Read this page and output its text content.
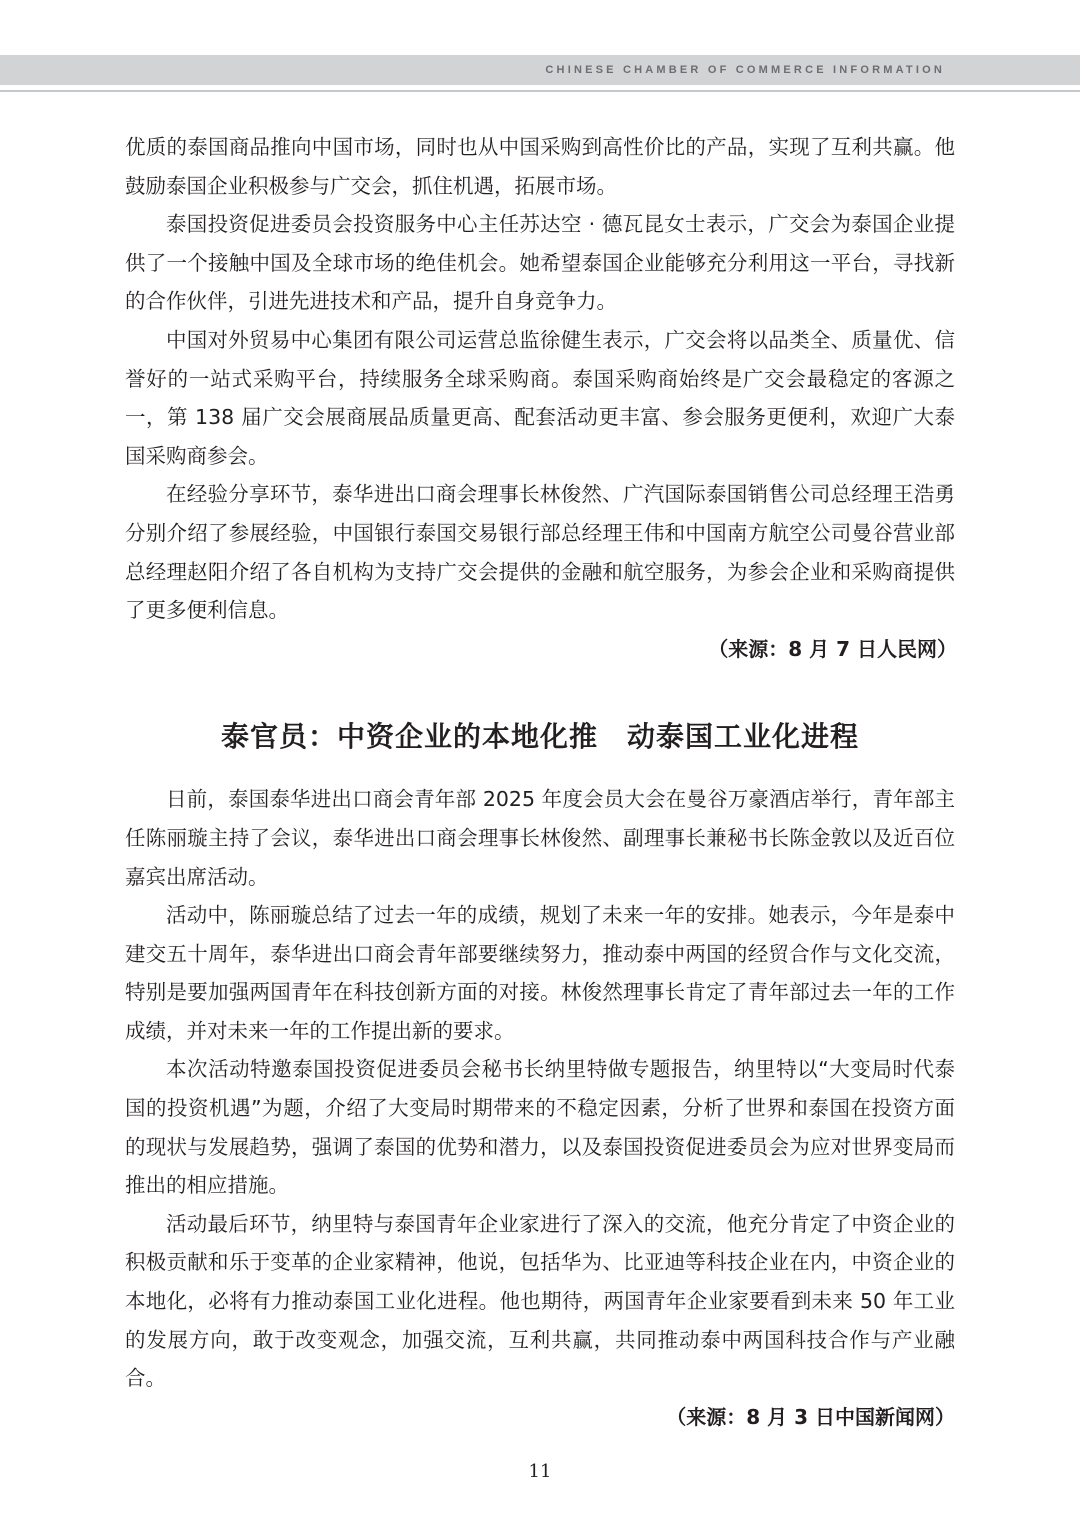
CHINESE CHAMBER OF COMMERCE INFORMATION

优质的泰国商品推向中国市场，同时也从中国采购到高性价比的产品，实现了互利共赢。他鼓励泰国企业积极参与广交会，抓住机遇，拓展市场。

泰国投资促进委员会投资服务中心主任苏达空 · 德瓦昆女士表示，广交会为泰国企业提供了一个接触中国及全球市场的绝佳机会。她希望泰国企业能够充分利用这一平台，寻找新的合作伙伴，引进先进技术和产品，提升自身竞争力。

中国对外贸易中心集团有限公司运营总监徐健生表示，广交会将以品类全、质量优、信誉好的一站式采购平台，持续服务全球采购商。泰国采购商始终是广交会最稳定的客源之一，第 138 届广交会展商展品质量更高、配套活动更丰富、参会服务更便利，欢迎广大泰国采购商参会。

在经验分享环节，泰华进出口商会理事长林俊然、广汽国际泰国销售公司总经理王浩勇分别介绍了参展经验，中国银行泰国交易银行部总经理王伟和中国南方航空公司曼谷营业部总经理赵阳介绍了各自机构为支持广交会提供的金融和航空服务，为参会企业和采购商提供了更多便利信息。

（来源：8 月 7 日人民网）

泰官员：中资企业的本地化推　动泰国工业化进程

日前，泰国泰华进出口商会青年部 2025 年度会员大会在曼谷万豪酒店举行，青年部主任陈丽璇主持了会议，泰华进出口商会理事长林俊然、副理事长兼秘书长陈金敦以及近百位嘉宾出席活动。

活动中，陈丽璇总结了过去一年的成绩，规划了未来一年的安排。她表示，今年是泰中建交五十周年，泰华进出口商会青年部要继续努力，推动泰中两国的经贸合作与文化交流，特别是要加强两国青年在科技创新方面的对接。林俊然理事长肯定了青年部过去一年的工作成绩，并对未来一年的工作提出新的要求。

本次活动特邀泰国投资促进委员会秘书长纳里特做专题报告，纳里特以“大变局时代泰国的投资机遇”为题，介绍了大变局时期带来的不稳定因素，分析了世界和泰国在投资方面的现状与发展趋势，强调了泰国的优势和潜力，以及泰国投资促进委员会为应对世界变局而推出的相应措施。

活动最后环节，纳里特与泰国青年企业家进行了深入的交流，他充分肯定了中资企业的积极贡献和乐于变革的企业家精神，他说，包括华为、比亚迪等科技企业在内，中资企业的本地化，必将有力推动泰国工业化进程。他也期待，两国青年企业家要看到未来 50 年工业的发展方向，敢于改变观念，加强交流，互利共赢，共同推动泰中两国科技合作与产业融合。

（来源：8 月 3 日中国新闻网）

11
